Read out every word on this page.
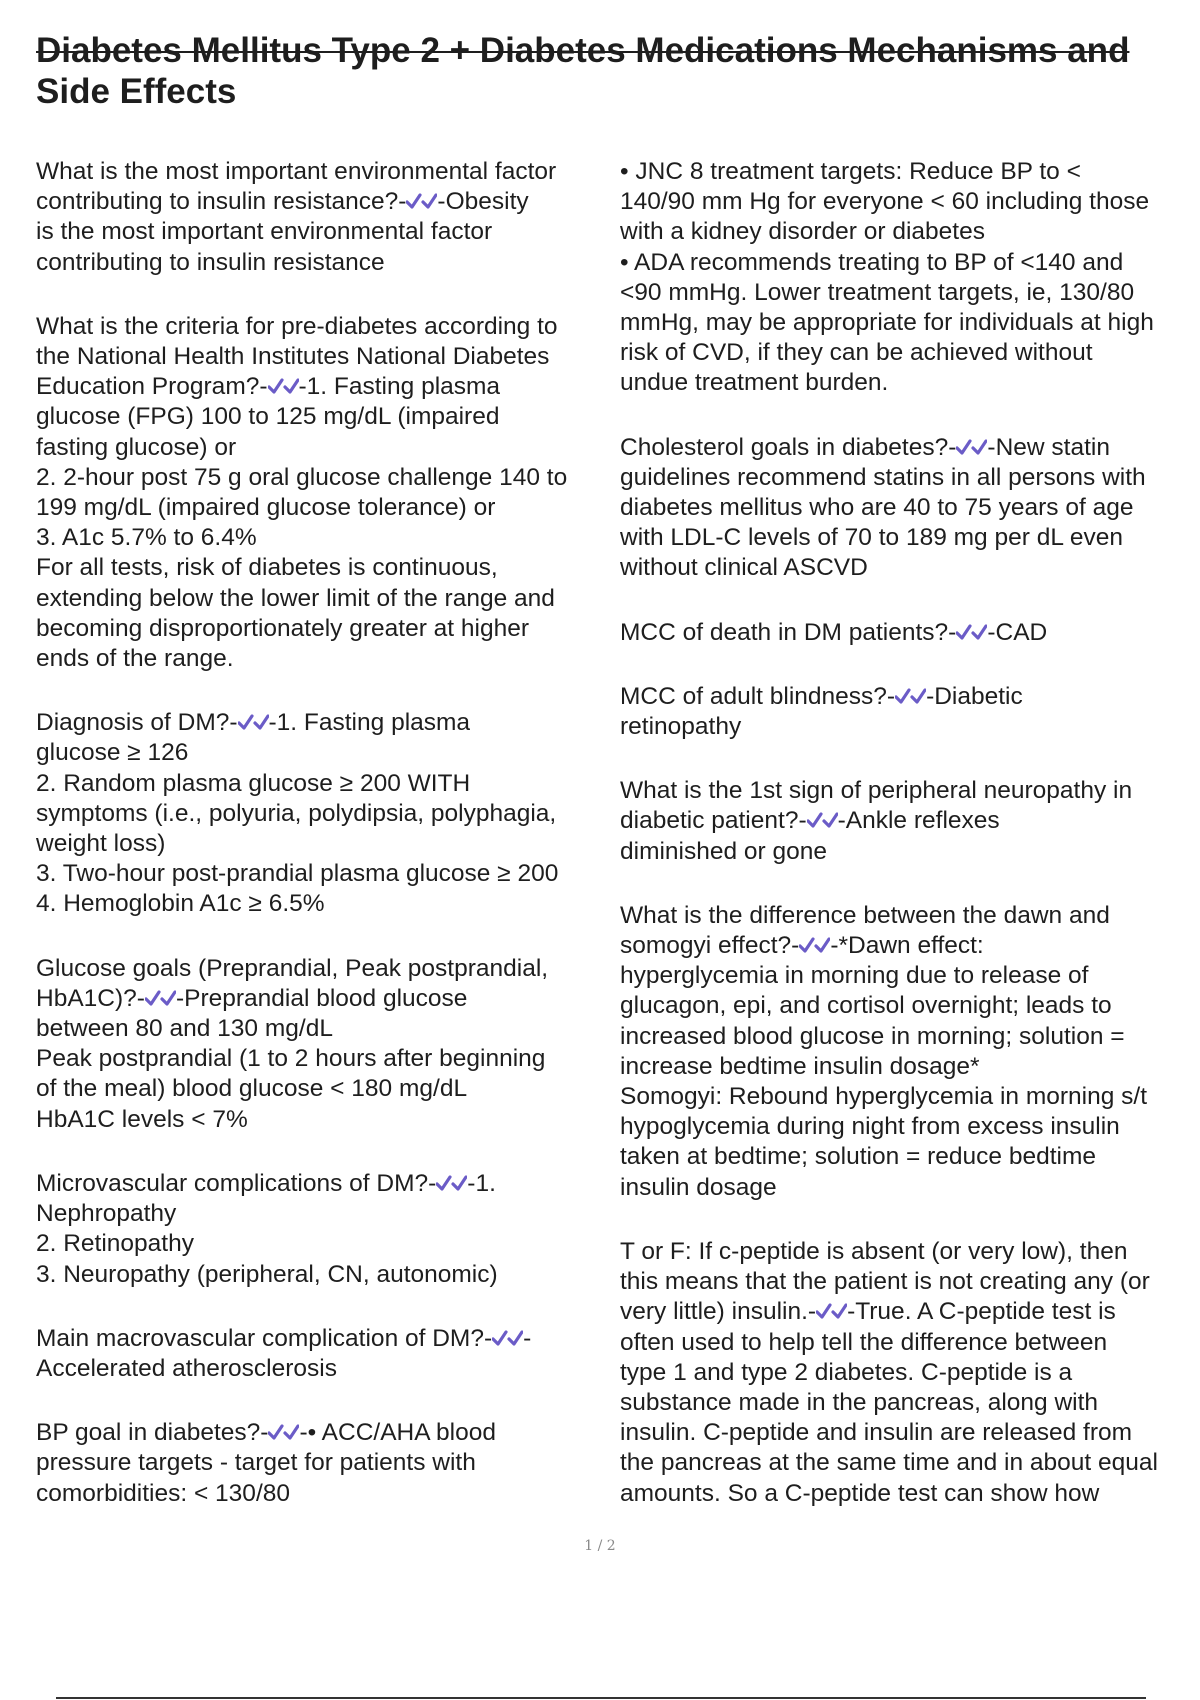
Diabetes Mellitus Type 2 + Diabetes Medications Mechanisms and
Side Effects
What is the most important environmental factor
contributing to insulin resistance?- -Obesity
is the most important environmental factor
contributing to insulin resistance
What is the criteria for pre-diabetes according to
the National Health Institutes National Diabetes
Education Program?- -1. Fasting plasma
glucose (FPG) 100 to 125 mg/dL (impaired
fasting glucose) or
2. 2-hour post 75 g oral glucose challenge 140 to
199 mg/dL (impaired glucose tolerance) or
3. A1c 5.7% to 6.4%
For all tests, risk of diabetes is continuous,
extending below the lower limit of the range and
becoming disproportionately greater at higher
ends of the range.
Diagnosis of DM?- -1. Fasting plasma
glucose ≥ 126
2. Random plasma glucose ≥ 200 WITH
symptoms (i.e., polyuria, polydipsia, polyphagia,
weight loss)
3. Two-hour post-prandial plasma glucose ≥ 200
4. Hemoglobin A1c ≥ 6.5%
Glucose goals (Preprandial, Peak postprandial,
HbA1C)?- -Preprandial blood glucose
between 80 and 130 mg/dL
Peak postprandial (1 to 2 hours after beginning
of the meal) blood glucose < 180 mg/dL
HbA1C levels < 7%
Microvascular complications of DM?- -1.
Nephropathy
2. Retinopathy
3. Neuropathy (peripheral, CN, autonomic)
Main macrovascular complication of DM?- -
Accelerated atherosclerosis
BP goal in diabetes?- -• ACC/AHA blood
pressure targets - target for patients with
comorbidities: < 130/80
• JNC 8 treatment targets: Reduce BP to <
140/90 mm Hg for everyone < 60 including those
with a kidney disorder or diabetes
• ADA recommends treating to BP of <140 and
<90 mmHg. Lower treatment targets, ie, 130/80
mmHg, may be appropriate for individuals at high
risk of CVD, if they can be achieved without
undue treatment burden.
Cholesterol goals in diabetes?- -New statin
guidelines recommend statins in all persons with
diabetes mellitus who are 40 to 75 years of age
with LDL-C levels of 70 to 189 mg per dL even
without clinical ASCVD
MCC of death in DM patients?- -CAD
MCC of adult blindness?- -Diabetic
retinopathy
What is the 1st sign of peripheral neuropathy in
diabetic patient?- -Ankle reflexes
diminished or gone
What is the difference between the dawn and
somogyi effect?- -*Dawn effect:
hyperglycemia in morning due to release of
glucagon, epi, and cortisol overnight; leads to
increased blood glucose in morning; solution =
increase bedtime insulin dosage*
Somogyi: Rebound hyperglycemia in morning s/t
hypoglycemia during night from excess insulin
taken at bedtime; solution = reduce bedtime
insulin dosage
T or F: If c-peptide is absent (or very low), then
this means that the patient is not creating any (or
very little) insulin.- -True. A C-peptide test is
often used to help tell the difference between
type 1 and type 2 diabetes. C-peptide is a
substance made in the pancreas, along with
insulin. C-peptide and insulin are released from
the pancreas at the same time and in about equal
amounts. So a C-peptide test can show how
1 / 2
